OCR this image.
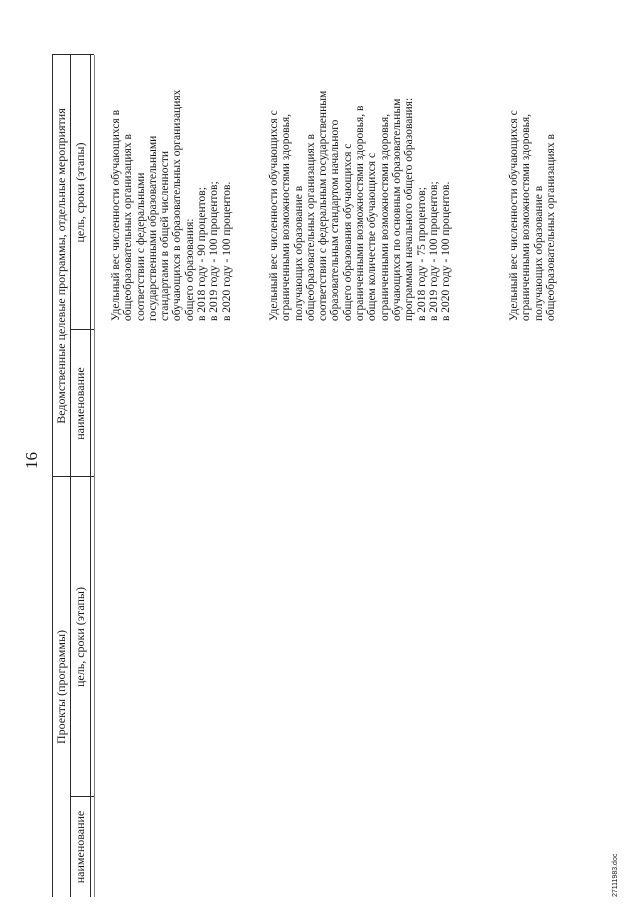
16
Проекты (программы)
наименование
цель, сроки (этапы)
Ведомственные целевые программы, отдельные мероприятия наименование
цель, сроки (этапы)
Удельный вес численности обучающихся в
общеобразовательных организациях в
соответствии с федеральными
государственными образовательными
стандартами в общей численности
обучающихся в образовательных организациях
общего образования:
в 2018 году - 90 процентов;
в 2019 году - 100 процентов;
в 2020 году - 100 процентов.
Удельный вес численности обучающихся с
ограниченными возможностями здоровья,
получающих образование в
общеобразовательных организациях в
соответствии с федеральным государственным
образовательным стандартом начального
общего образования обучающихся с
ограниченными возможностями здоровья, в
общем количестве обучающихся с
ограниченными возможностями здоровья,
обучающихся по основным образовательным
программам начального общего образования:
в 2018 году - 75 процентов;
в 2019 году - 100 процентов;
в 2020 году - 100 процентов.
Удельный вес численности обучающихся с
ограниченными возможностями здоровья,
получающих образование в
общеобразовательных организациях в
27111983.doc
